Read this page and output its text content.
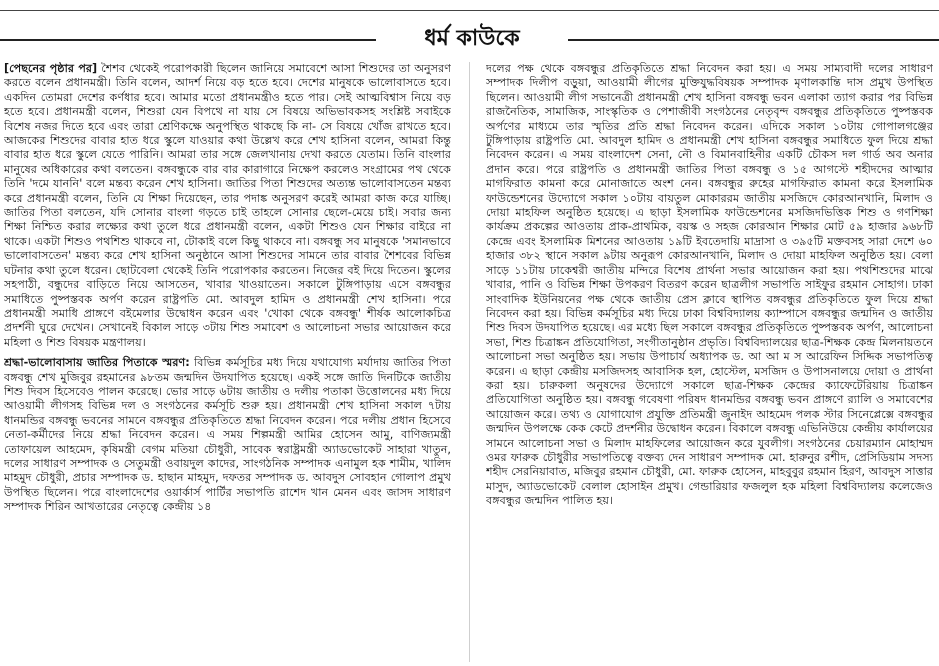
ধর্ম কাউকে

[পেছনের পৃষ্ঠার পর] শৈশব থেকেই পরোপকারী ছিলেন জানিয়ে সমাবেশে আসা শিশুদের তা অনুসরণ করতে বলেন প্রধানমন্ত্রী। তিনি বলেন, আদর্শ নিয়ে বড় হতে হবে। দেশের মানুষকে ভালোবাসতে হবে। একদিন তোমরা দেশের কর্ণধার হবে। আমার মতো প্রধানমন্ত্রীও হতে পার। সেই আত্মবিশ্বাস নিয়ে বড় হতে হবে। প্রধানমন্ত্রী বলেন, শিশুরা যেন বিপথে না যায় সে বিষয়ে অভিভাবকসহ সংশ্লিষ্ট সবাইকে বিশেষ নজর দিতে হবে এবং তারা শ্রেণিকক্ষে অনুপস্থিত থাকছে কি না- সে বিষয়ে খোঁজ রাখতে হবে। আজকের শিশুদের বাবার হাত ধরে স্কুলে যাওয়ার কথা উল্লেখ করে শেখ হাসিনা বলেন, আমরা কিন্তু বাবার হাত ধরে স্কুলে যেতে পারিনি। আমরা তার সঙ্গে জেলখানায় দেখা করতে যেতাম। তিনি বাংলার মানুষের অধিকারের কথা বলতেন। বঙ্গবন্ধুকে বার বার কারাগারে নিক্ষেপ করলেও সংগ্রামের পথ থেকে তিনি 'দমে যাননি' বলে মন্তব্য করেন শেখ হাসিনা। জাতির পিতা শিশুদের অত্যন্ত ভালোবাসতেন মন্তব্য করে প্রধানমন্ত্রী বলেন, তিনি যে শিক্ষা দিয়েছেন, তার পদাঙ্ক অনুসরণ করেই আমরা কাজ করে যাচ্ছি। জাতির পিতা বলতেন, যদি সোনার বাংলা গড়তে চাই তাহলে সোনার ছেলে-মেয়ে চাই। সবার জন্য শিক্ষা নিশ্চিত করার লক্ষ্যের কথা তুলে ধরে প্রধানমন্ত্রী বলেন, একটা শিশুও যেন শিক্ষার বাইরে না থাকে। একটা শিশুও পথশিশু থাকবে না, টোকাই বলে কিছু থাকবে না। বঙ্গবন্ধু সব মানুষকে 'সমানভাবে ভালোবাসতেন' মন্তব্য করে শেখ হাসিনা অনুষ্ঠানে আসা শিশুদের সামনে তার বাবার শৈশবের বিভিন্ন ঘটনার কথা তুলে ধরেন। ছোটবেলা থেকেই তিনি পরোপকার করতেন। নিজের বই দিয়ে দিতেন। স্কুলের সহপাঠী, বন্ধুদের বাড়িতে নিয়ে আসতেন, খাবার খাওয়াতেন। সকালে টুঙ্গিপাড়ায় এসে বঙ্গবন্ধুর সমাধিতে পুষ্পস্তবক অর্পণ করেন রাষ্ট্রপতি মো. আবদুল হামিদ ও প্রধানমন্ত্রী শেখ হাসিনা। পরে প্রধানমন্ত্রী সমাধি প্রাঙ্গণে বইমেলার উদ্বোধন করেন এবং 'খোকা থেকে বঙ্গবন্ধু' শীর্ষক আলোকচিত্র প্রদর্শনী ঘুরে দেখেন। সেখানেই বিকাল সাড়ে ৩টায় শিশু সমাবেশ ও আলোচনা সভার আয়োজন করে মহিলা ও শিশু বিষয়ক মন্ত্রণালয়।

শ্রদ্ধা-ভালোবাসায় জাতির পিতাকে স্মরণ: বিভিন্ন কর্মসূচির মধ্য দিয়ে যথাযোগ্য মর্যাদায় জাতির পিতা বঙ্গবন্ধু শেখ মুজিবুর রহমানের ৯৮তম জন্মদিন উদযাপিত হয়েছে। একই সঙ্গে জাতি দিনটিকে জাতীয় শিশু দিবস হিসেবেও পালন করেছে। ভোর সাড়ে ৬টায় জাতীয় ও দলীয় পতাকা উত্তোলনের মধ্য দিয়ে আওয়ামী লীগসহ বিভিন্ন দল ও সংগঠনের কর্মসূচি শুরু হয়। প্রধানমন্ত্রী শেখ হাসিনা সকাল ৭টায় ধানমন্ডির বঙ্গবন্ধু ভবনের সামনে বঙ্গবন্ধুর প্রতিকৃতিতে শ্রদ্ধা নিবেদন করেন। পরে দলীয় প্রধান হিসেবে নেতা-কর্মীদের নিয়ে শ্রদ্ধা নিবেদন করেন। এ সময় শিল্পমন্ত্রী আমির হোসেন আমু, বাণিজ্যমন্ত্রী তোফায়েল আহমেদ, কৃষিমন্ত্রী বেগম মতিয়া চৌধুরী, সাবেক স্বরাষ্ট্রমন্ত্রী অ্যাডভোকেট সাহারা খাতুন, দলের সাধারণ সম্পাদক ও সেতুমন্ত্রী ওবায়দুল কাদের, সাংগঠনিক সম্পাদক এনামুল হক শামীম, খালিদ মাহমুদ চৌধুরী, প্রচার সম্পাদক ড. হাছান মাহমুদ, দফতর সম্পাদক ড. আবদুস সোবহান গোলাপ প্রমুখ উপস্থিত ছিলেন। পরে বাংলাদেশের ওয়ার্কার্স পার্টির সভাপতি রাশেদ খান মেনন এবং জাসদ সাধারণ সম্পাদক শিরিন আখতারের নেতৃত্বে কেন্দ্রীয় ১৪

দলের পক্ষ থেকে বঙ্গবন্ধুর প্রতিকৃতিতে শ্রদ্ধা নিবেদন করা হয়। এ সময় সাম্যবাদী দলের সাধারণ সম্পাদক দিলীপ বড়ুয়া, আওয়ামী লীগের মুক্তিযুদ্ধবিষয়ক সম্পাদক মৃণালকান্তি দাস প্রমুখ উপস্থিত ছিলেন। আওয়ামী লীগ সভানেত্রী প্রধানমন্ত্রী শেখ হাসিনা বঙ্গবন্ধু ভবন এলাকা ত্যাগ করার পর বিভিন্ন রাজনৈতিক, সামাজিক, সাংস্কৃতিক ও পেশাজীবী সংগঠনের নেতৃবৃন্দ বঙ্গবন্ধুর প্রতিকৃতিতে পুষ্পস্তবক অর্পণের মাধ্যমে তার স্মৃতির প্রতি শ্রদ্ধা নিবেদন করেন। এদিকে সকাল ১০টায় গোপালগঞ্জের টুঙ্গিপাড়ায় রাষ্ট্রপতি মো. আবদুল হামিদ ও প্রধানমন্ত্রী শেখ হাসিনা বঙ্গবন্ধুর সমাধিতে ফুল দিয়ে শ্রদ্ধা নিবেদন করেন। এ সময় বাংলাদেশ সেনা, নৌ ও বিমানবাহিনীর একটি চৌকস দল গার্ড অব অনার প্রদান করে। পরে রাষ্ট্রপতি ও প্রধানমন্ত্রী জাতির পিতা বঙ্গবন্ধু ও ১৫ আগস্টে শহীদদের আত্মার মাগফিরাত কামনা করে মোনাজাতে অংশ নেন। বঙ্গবন্ধুর রুহের মাগফিরাত কামনা করে ইসলামিক ফাউন্ডেশনের উদ্যোগে সকাল ১০টায় বায়তুল মোকাররম জাতীয় মসজিদে কোরআনখানি, মিলাদ ও দোয়া মাহফিল অনুষ্ঠিত হয়েছে। এ ছাড়া ইসলামিক ফাউন্ডেশনের মসজিদভিত্তিক শিশু ও গণশিক্ষা কার্যক্রম প্রকল্পের আওতায় প্রাক-প্রাথমিক, বয়স্ক ও সহজ কোরআন শিক্ষার মোট ৫৯ হাজার ৯৬৮টি কেন্দ্রে এবং ইসলামিক মিশনের আওতায় ১৯টি ইবতেদায়ি মাদ্রাসা ও ৩৯৫টি মক্তবসহ সারা দেশে ৬০ হাজার ৩৮২ স্থানে সকাল ৯টায় অনুরূপ কোরআনখানি, মিলাদ ও দোয়া মাহফিল অনুষ্ঠিত হয়। বেলা সাড়ে ১১টায় ঢাকেশ্বরী জাতীয় মন্দিরে বিশেষ প্রার্থনা সভার আয়োজন করা হয়। পথশিশুদের মাঝে খাবার, পানি ও বিভিন্ন শিক্ষা উপকরণ বিতরণ করেন ছাত্রলীগ সভাপতি সাইফুর রহমান সোহাগ। ঢাকা সাংবাদিক ইউনিয়নের পক্ষ থেকে জাতীয় প্রেস ক্লাবে স্থাপিত বঙ্গবন্ধুর প্রতিকৃতিতে ফুল দিয়ে শ্রদ্ধা নিবেদন করা হয়। বিভিন্ন কর্মসূচির মধ্য দিয়ে ঢাকা বিশ্ববিদ্যালয় ক্যাম্পাসে বঙ্গবন্ধুর জন্মদিন ও জাতীয় শিশু দিবস উদযাপিত হয়েছে। এর মধ্যে ছিল সকালে বঙ্গবন্ধুর প্রতিকৃতিতে পুষ্পস্তবক অর্পণ, আলোচনা সভা, শিশু চিত্রাঙ্কন প্রতিযোগিতা, সংগীতানুষ্ঠান প্রভৃতি। বিশ্ববিদ্যালয়ের ছাত্র-শিক্ষক কেন্দ্র মিলনায়তনে আলোচনা সভা অনুষ্ঠিত হয়। সভায় উপাচার্য অধ্যাপক ড. আ আ ম স আরেফিন সিদ্দিক সভাপতিত্ব করেন। এ ছাড়া কেন্দ্রীয় মসজিদসহ আবাসিক হল, হোস্টেল, মসজিদ ও উপাসনালয়ে দোয়া ও প্রার্থনা করা হয়। চারুকলা অনুষদের উদ্যোগে সকালে ছাত্র-শিক্ষক কেন্দ্রের ক্যাফেটেরিয়ায় চিত্রাঙ্কন প্রতিযোগিতা অনুষ্ঠিত হয়। বঙ্গবন্ধু গবেষণা পরিষদ ধানমন্ডির বঙ্গবন্ধু ভবন প্রাঙ্গণে র‍্যালি ও সমাবেশের আয়োজন করে। তথ্য ও যোগাযোগ প্রযুক্তি প্রতিমন্ত্রী জুনাইদ আহমেদ পলক স্টার সিনেপ্লেক্সে বঙ্গবন্ধুর জন্মদিন উপলক্ষে কেক কেটে প্রদর্শনীর উদ্বোধন করেন। বিকালে বঙ্গবন্ধু এভিনিউয়ে কেন্দ্রীয় কার্যালয়ের সামনে আলোচনা সভা ও মিলাদ মাহফিলের আয়োজন করে যুবলীগ। সংগঠনের চেয়ারম্যান মোহাম্মদ ওমর ফারুক চৌধুরীর সভাপতিত্বে বক্তব্য দেন সাধারণ সম্পাদক মো. হারুনুর রশীদ, প্রেসিডিয়াম সদস্য শহীদ সেরনিয়াবাত, মজিবুর রহমান চৌধুরী, মো. ফারুক হোসেন, মাহবুবুর রহমান হিরণ, আবদুস সাত্তার মাসুদ, অ্যাডভোকেট বেলাল হোসাইন প্রমুখ। গেন্ডারিয়ার ফজলুল হক মহিলা বিশ্ববিদ্যালয় কলেজেও বঙ্গবন্ধুর জন্মদিন পালিত হয়।
